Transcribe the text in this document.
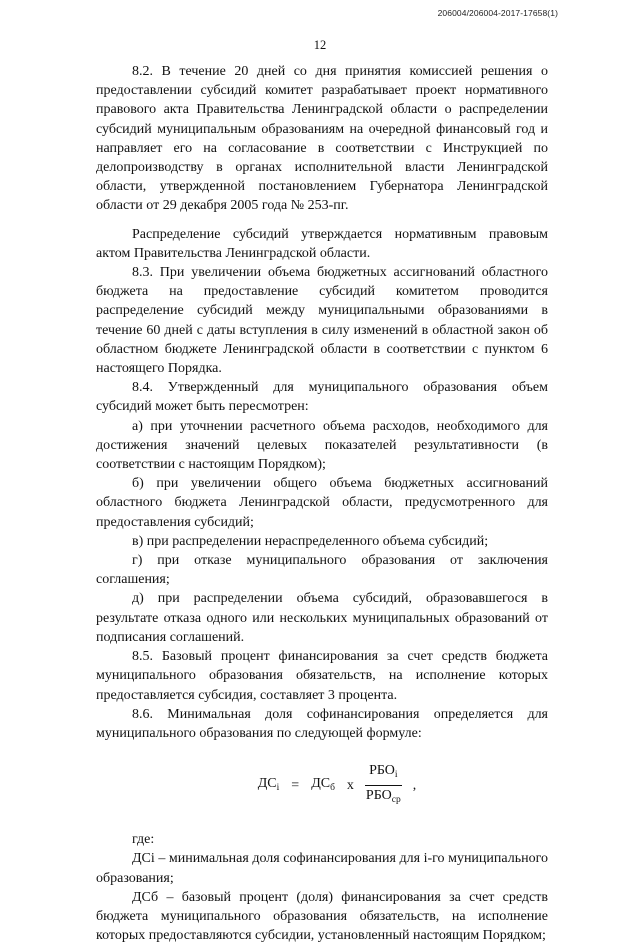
206004/206004-2017-17658(1)
12

8.2. В течение 20 дней со дня принятия комиссией решения о предоставлении субсидий комитет разрабатывает проект нормативного правового акта Правительства Ленинградской области о распределении субсидий муниципальным образованиям на очередной финансовый год и направляет его на согласование в соответствии с Инструкцией по делопроизводству в органах исполнительной власти Ленинградской области, утвержденной постановлением Губернатора Ленинградской области от 29 декабря 2005 года № 253-пг.

Распределение субсидий утверждается нормативным правовым актом Правительства Ленинградской области.

8.3. При увеличении объема бюджетных ассигнований областного бюджета на предоставление субсидий комитетом проводится распределение субсидий между муниципальными образованиями в течение 60 дней с даты вступления в силу изменений в областной закон об областном бюджете Ленинградской области в соответствии с пунктом 6 настоящего Порядка.

8.4. Утвержденный для муниципального образования объем субсидий может быть пересмотрен:

а) при уточнении расчетного объема расходов, необходимого для достижения значений целевых показателей результативности (в соответствии с настоящим Порядком);

б) при увеличении общего объема бюджетных ассигнований областного бюджета Ленинградской области, предусмотренного для предоставления субсидий;

в) при распределении нераспределенного объема субсидий;

г) при отказе муниципального образования от заключения соглашения;

д) при распределении объема субсидий, образовавшегося в результате отказа одного или нескольких муниципальных образований от подписания соглашений.

8.5. Базовый процент финансирования за счет средств бюджета муниципального образования обязательств, на исполнение которых предоставляется субсидия, составляет 3 процента.

8.6. Минимальная доля софинансирования определяется для муниципального образования по следующей формуле:

$ДС_i = ДС_б$ x $\frac{РБО_i}{РБО_{ср}}$ ,

где:

ДСi – минимальная доля софинансирования для i-го муниципального образования;

ДСб – базовый процент (доля) финансирования за счет средств бюджета муниципального образования обязательств, на исполнение которых предоставляются субсидии, установленный настоящим Порядком;
